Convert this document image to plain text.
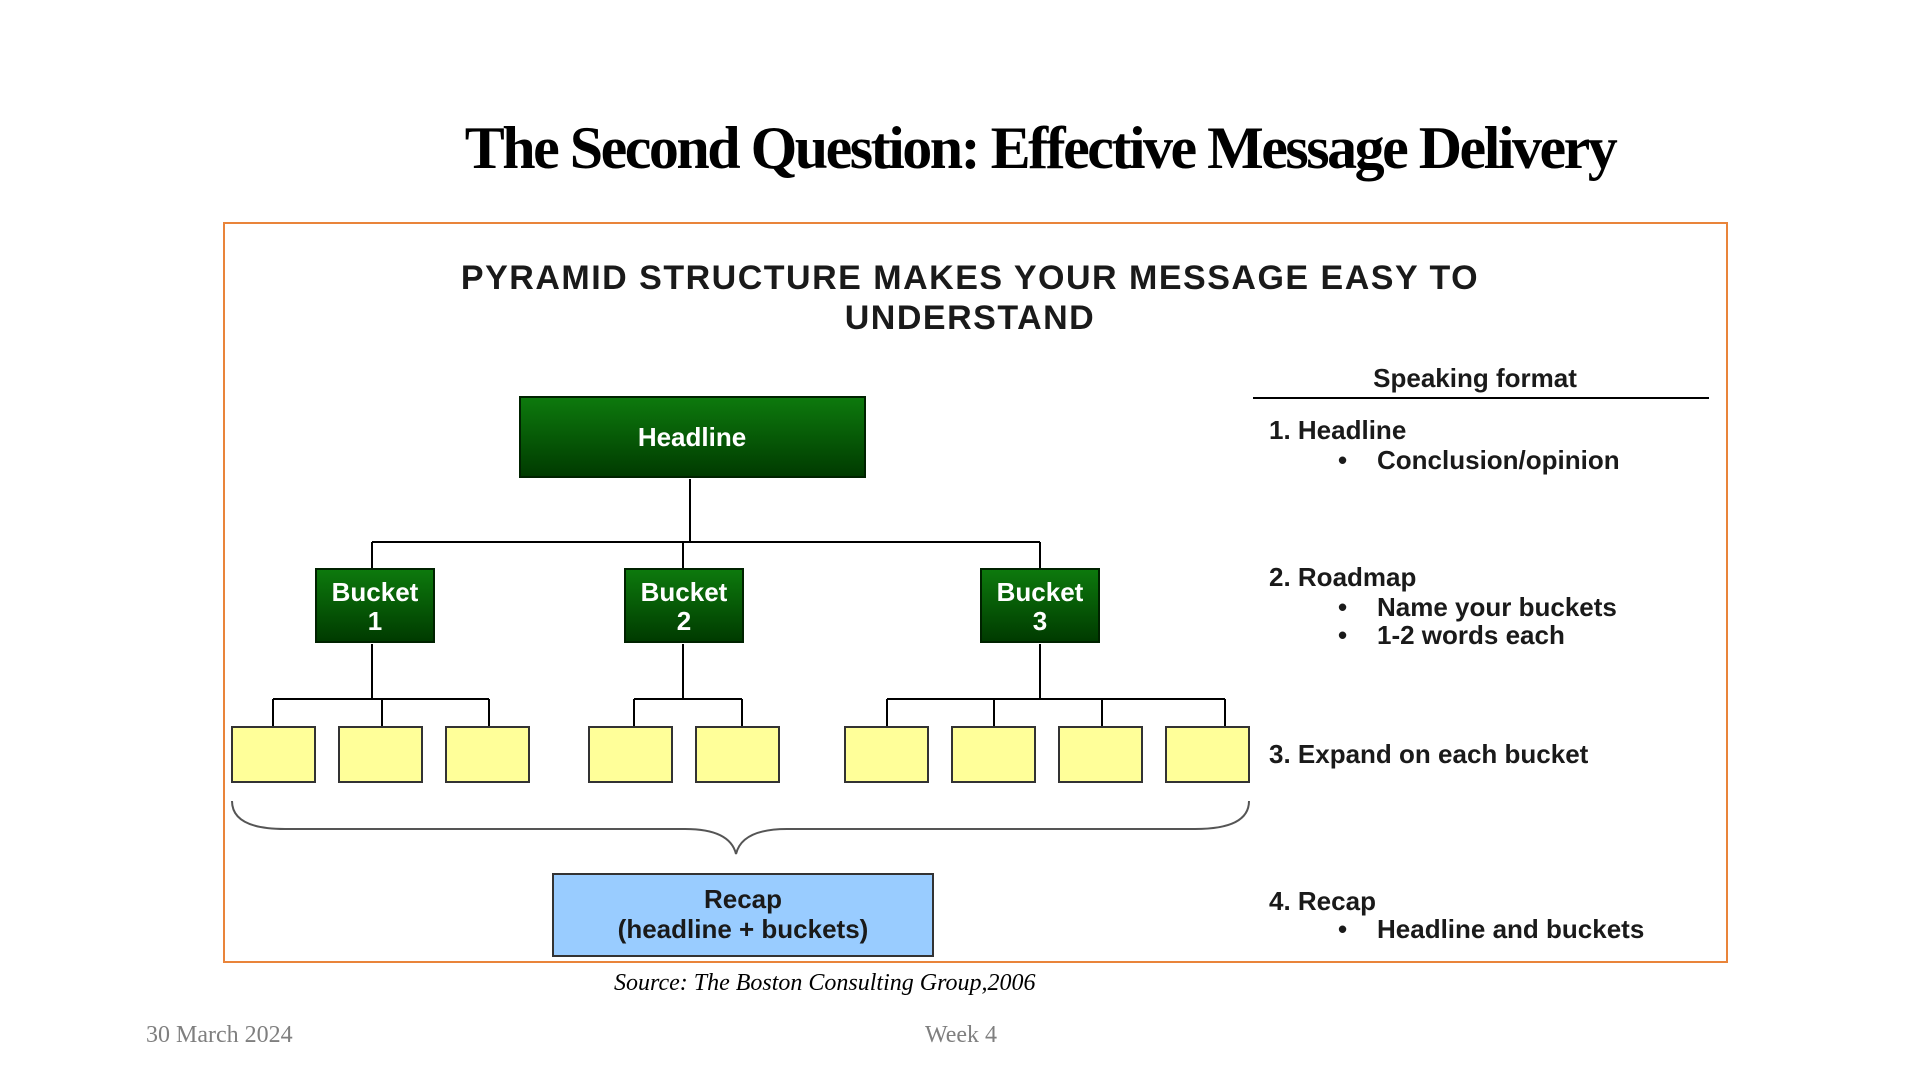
The Second Question: Effective Message Delivery
PYRAMID STRUCTURE MAKES YOUR MESSAGE EASY TO
UNDERSTAND
Headline
Bucket
1
Bucket
2
Bucket
3
Recap
(headline + buckets)
Speaking format
1. Headline
• Conclusion/opinion
2. Roadmap
• Name your buckets
• 1-2 words each
3. Expand on each bucket
4. Recap
• Headline and buckets
Source: The Boston Consulting Group,2006
30 March 2024	Week 4
